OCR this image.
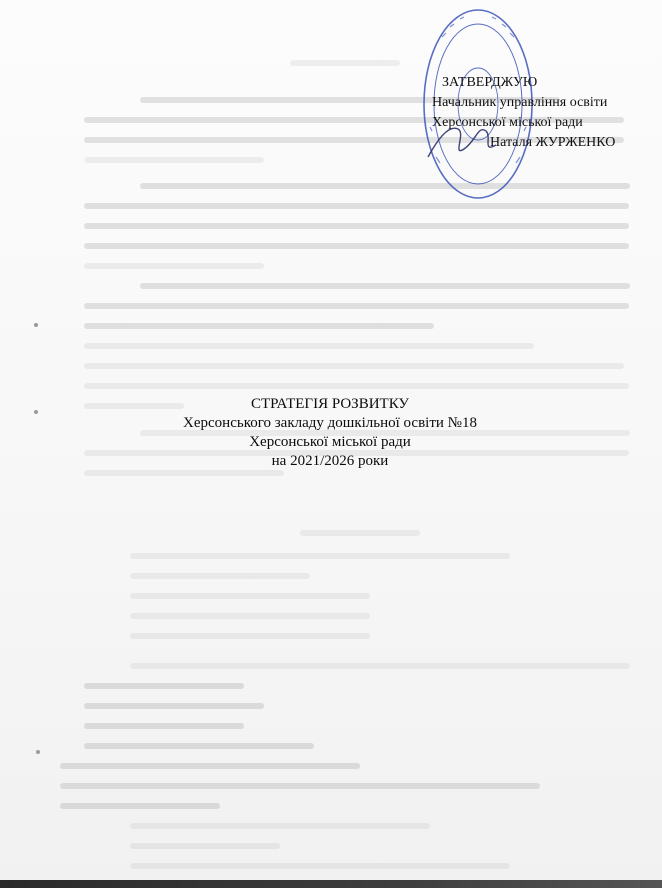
ЗАТВЕРДЖУЮ
Начальник управління освіти
Херсонської міської ради
Наталя ЖУРЖЕНКО
СТРАТЕГІЯ РОЗВИТКУ
Херсонського закладу дошкільної освіти №18
Херсонської міської ради
на 2021/2026 роки
